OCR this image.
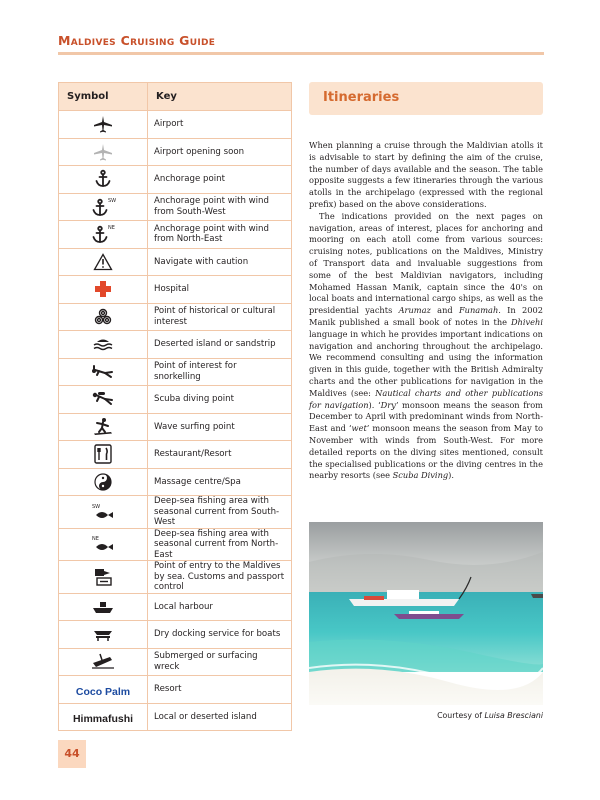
Maldives Cruising Guide
Symbol	Key

	Airport

	Airport opening soon

	Anchorage point

SW	Anchorage point with wind from South-West

NE	Anchorage point with wind from North-East

	Navigate with caution

	Hospital

	Point of historical or cultural interest

	Deserted island or sandstrip

	Point of interest for snorkelling

	Scuba diving point

	Wave surfing point

	Restaurant/Resort

	Massage centre/Spa

SW	Deep-sea fishing area with seasonal current from South-West

NE	Deep-sea fishing area with seasonal current from North-East

	Point of entry to the Maldives by sea. Customs and passport control

	Local harbour

	Dry docking service for boats

	Submerged or surfacing wreck
Coco Palm	Resort
Himmafushi	Local or deserted island
Itineraries

When planning a cruise through the Maldivian atolls it is advisable to start by defining the aim of the cruise, the number of days available and the season. The table opposite suggests a few itineraries through the various atolls in the archipelago (expressed with the regional prefix) based on the above considerations.

The indications provided on the next pages on navigation, areas of interest, places for anchoring and mooring on each atoll come from various sources: cruising notes, publications on the Maldives, Ministry of Transport data and invaluable suggestions from some of the best Maldivian navigators, including Mohamed Hassan Manik, captain since the 40's on local boats and international cargo ships, as well as the presidential yachts Arumaz and Funamah. In 2002 Manik published a small book of notes in the Dhivehi language in which he provides important indications on navigation and anchoring throughout the archipelago. We recommend consulting and using the information given in this guide, together with the British Admiralty charts and the other publications for navigation in the Maldives (see: Nautical charts and other publications for navigation). ‘Dry’ monsoon means the season from December to April with predominant winds from North-East and ‘wet’ monsoon means the season from May to November with winds from South-West. For more detailed reports on the diving sites mentioned, consult the specialised publications or the diving centres in the nearby resorts (see Scuba Diving).

Courtesy of Luisa Bresciani
44
